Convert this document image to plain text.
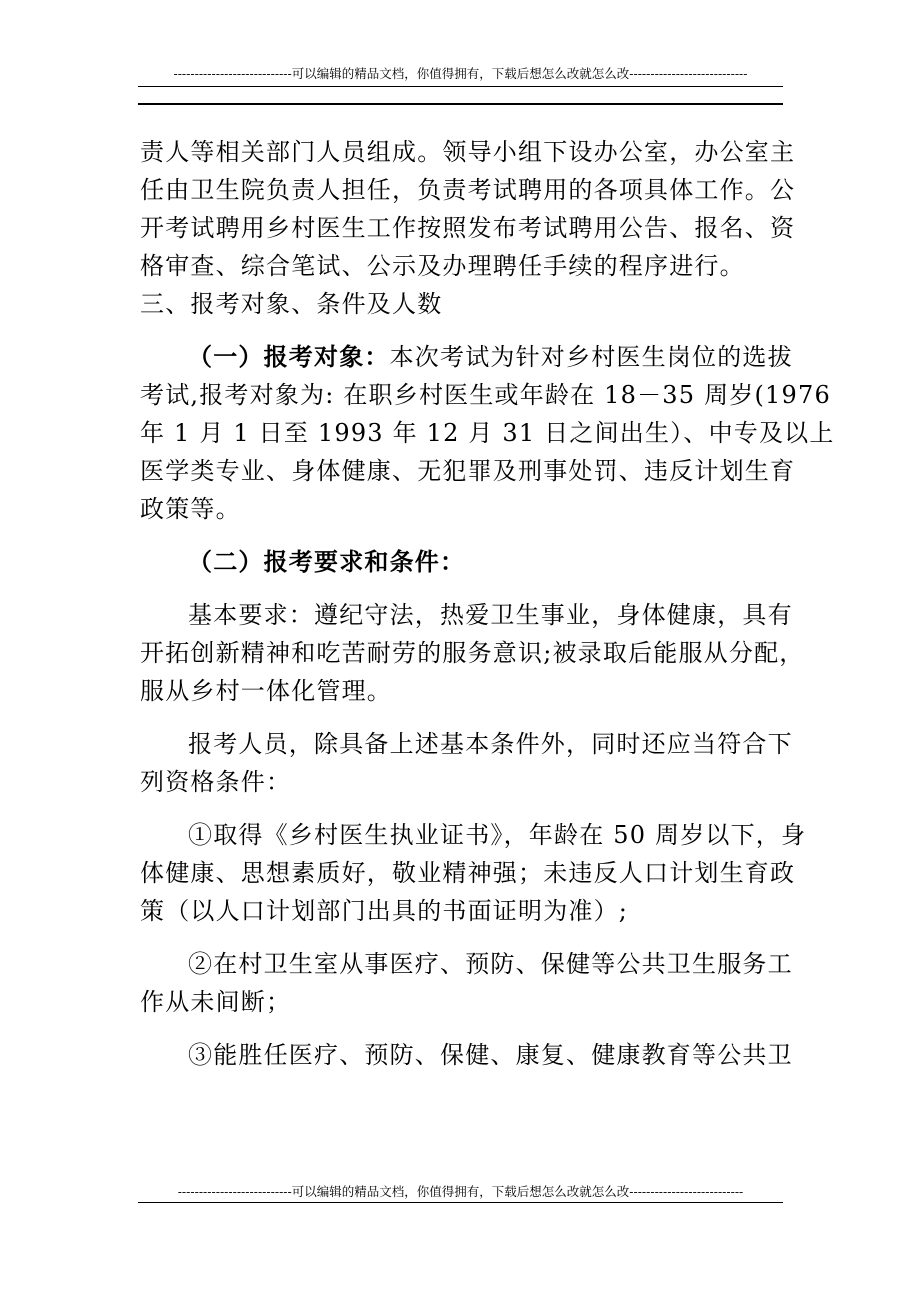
----------------------------可以编辑的精品文档，你值得拥有，下载后想怎么改就怎么改----------------------------
责人等相关部门人员组成。领导小组下设办公室，办公室主
任由卫生院负责人担任，负责考试聘用的各项具体工作。公
开考试聘用乡村医生工作按照发布考试聘用公告、报名、资
格审查、综合笔试、公示及办理聘任手续的程序进行。
三、报考对象、条件及人数
（一）报考对象：本次考试为针对乡村医生岗位的选拔
考试,报考对象为: 在职乡村医生或年龄在 18－35 周岁(1976
年 1 月 1 日至 1993 年 12 月 31 日之间出生）、中专及以上
医学类专业、身体健康、无犯罪及刑事处罚、违反计划生育
政策等。
（二）报考要求和条件：
基本要求：遵纪守法，热爱卫生事业，身体健康，具有
开拓创新精神和吃苦耐劳的服务意识;被录取后能服从分配，
服从乡村一体化管理。
报考人员，除具备上述基本条件外，同时还应当符合下
列资格条件：
①取得《乡村医生执业证书》，年龄在 50 周岁以下，身
体健康、思想素质好，敬业精神强；未违反人口计划生育政
策（以人口计划部门出具的书面证明为准）;
②在村卫生室从事医疗、预防、保健等公共卫生服务工
作从未间断；
③能胜任医疗、预防、保健、康复、健康教育等公共卫
---------------------------可以编辑的精品文档，你值得拥有，下载后想怎么改就怎么改---------------------------
